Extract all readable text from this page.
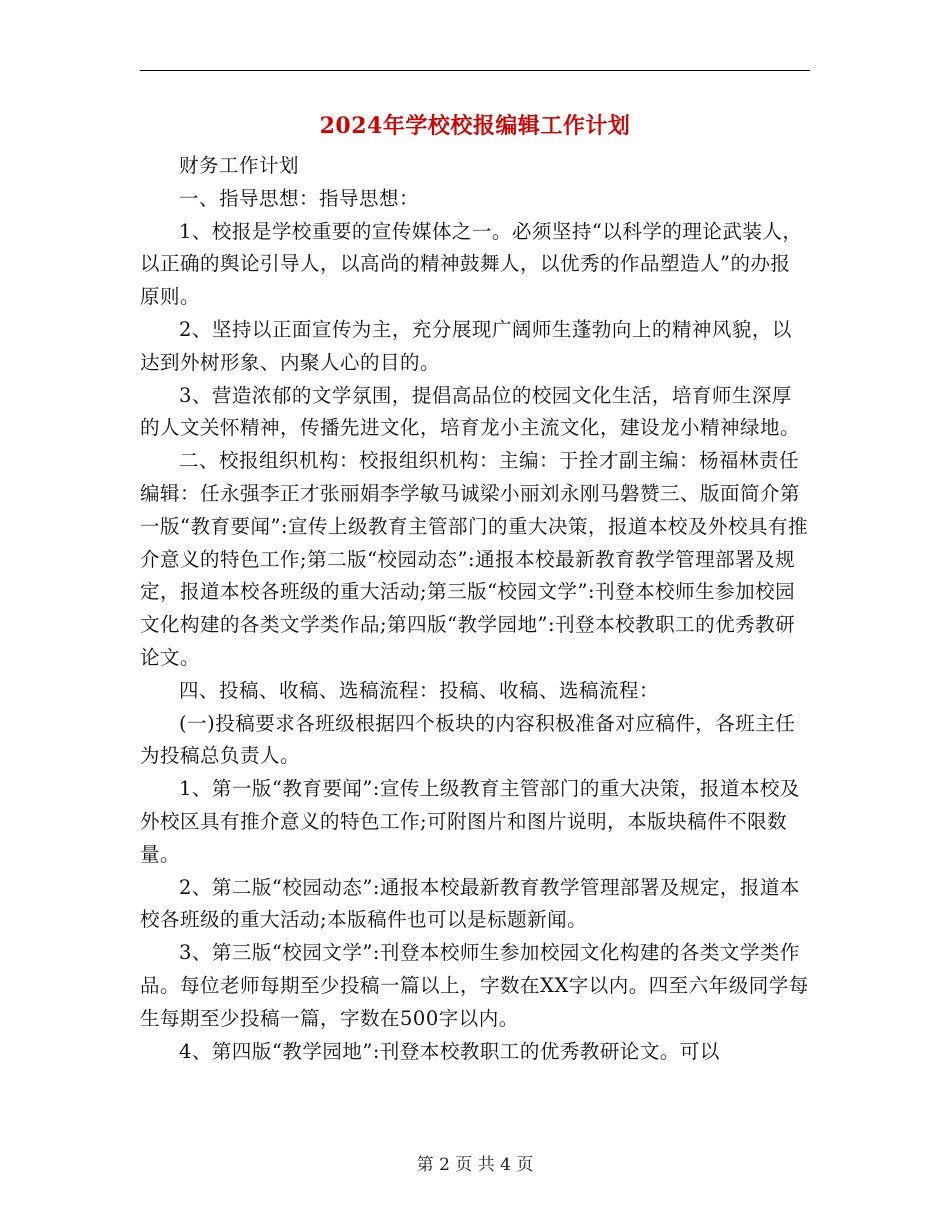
2024年学校校报编辑工作计划

财务工作计划

一、指导思想：指导思想：

1、校报是学校重要的宣传媒体之一。必须坚持“以科学的理论武装人，以正确的舆论引导人，以高尚的精神鼓舞人，以优秀的作品塑造人”的办报原则。

2、坚持以正面宣传为主，充分展现广阔师生蓬勃向上的精神风貌，以达到外树形象、内聚人心的目的。

3、营造浓郁的文学氛围，提倡高品位的校园文化生活，培育师生深厚的人文关怀精神，传播先进文化，培育龙小主流文化，建设龙小精神绿地。

二、校报组织机构：校报组织机构：主编：于拴才副主编：杨福林责任编辑：任永强李正才张丽娟李学敏马诚梁小丽刘永刚马磐赞三、版面简介第一版“教育要闻”:宣传上级教育主管部门的重大决策，报道本校及外校具有推介意义的特色工作;第二版“校园动态”:通报本校最新教育教学管理部署及规定，报道本校各班级的重大活动;第三版“校园文学”:刊登本校师生参加校园文化构建的各类文学类作品;第四版“教学园地”:刊登本校教职工的优秀教研论文。

四、投稿、收稿、选稿流程：投稿、收稿、选稿流程：

(一)投稿要求各班级根据四个板块的内容积极准备对应稿件，各班主任为投稿总负责人。

1、第一版“教育要闻”:宣传上级教育主管部门的重大决策，报道本校及外校区具有推介意义的特色工作;可附图片和图片说明，本版块稿件不限数量。

2、第二版“校园动态”:通报本校最新教育教学管理部署及规定，报道本校各班级的重大活动;本版稿件也可以是标题新闻。

3、第三版“校园文学”:刊登本校师生参加校园文化构建的各类文学类作品。每位老师每期至少投稿一篇以上，字数在XX字以内。四至六年级同学每生每期至少投稿一篇，字数在500字以内。

4、第四版“教学园地”:刊登本校教职工的优秀教研论文。可以

第 2 页 共 4 页
